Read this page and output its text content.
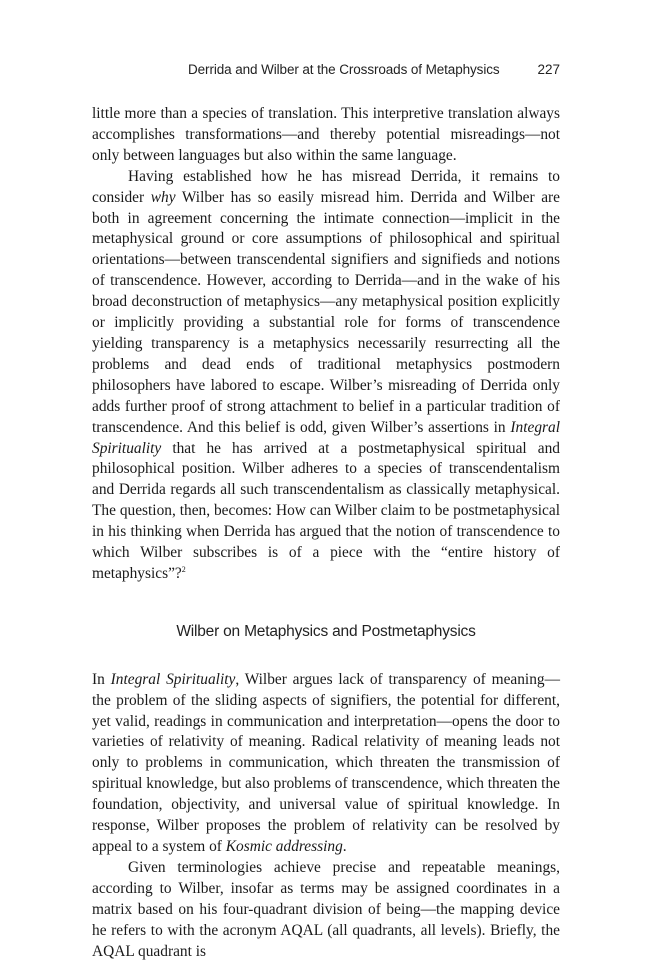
Derrida and Wilber at the Crossroads of Metaphysics	227

little more than a species of translation. This interpretive translation always accomplishes transformations—and thereby potential misreadings—not only between languages but also within the same language.

Having established how he has misread Derrida, it remains to consider why Wilber has so easily misread him. Derrida and Wilber are both in agreement concerning the intimate connection—implicit in the metaphysical ground or core assumptions of philosophical and spiritual orientations—between transcendental signifiers and signifieds and notions of transcendence. However, according to Derrida—and in the wake of his broad deconstruction of metaphysics—any metaphysical position explicitly or implicitly providing a substantial role for forms of transcendence yielding transparency is a metaphysics necessarily resurrecting all the problems and dead ends of traditional metaphysics postmodern philosophers have labored to escape. Wilber’s misreading of Derrida only adds further proof of strong attachment to belief in a particular tradition of transcendence. And this belief is odd, given Wilber’s assertions in Integral Spirituality that he has arrived at a postmetaphysical spiritual and philosophical position. Wilber adheres to a species of transcendentalism and Derrida regards all such transcendentalism as classically metaphysical. The question, then, becomes: How can Wilber claim to be postmetaphysical in his thinking when Derrida has argued that the notion of transcendence to which Wilber subscribes is of a piece with the “entire history of metaphysics”?$^2$

Wilber on Metaphysics and Postmetaphysics

In Integral Spirituality, Wilber argues lack of transparency of meaning—the problem of the sliding aspects of signifiers, the potential for different, yet valid, readings in communication and interpretation—opens the door to varieties of relativity of meaning. Radical relativity of meaning leads not only to problems in communication, which threaten the transmission of spiritual knowledge, but also problems of transcendence, which threaten the foundation, objectivity, and universal value of spiritual knowledge. In response, Wilber proposes the problem of relativity can be resolved by appeal to a system of Kosmic addressing.

Given terminologies achieve precise and repeatable meanings, according to Wilber, insofar as terms may be assigned coordinates in a matrix based on his four-quadrant division of being—the mapping device he refers to with the acronym AQAL (all quadrants, all levels). Briefly, the AQAL quadrant is
